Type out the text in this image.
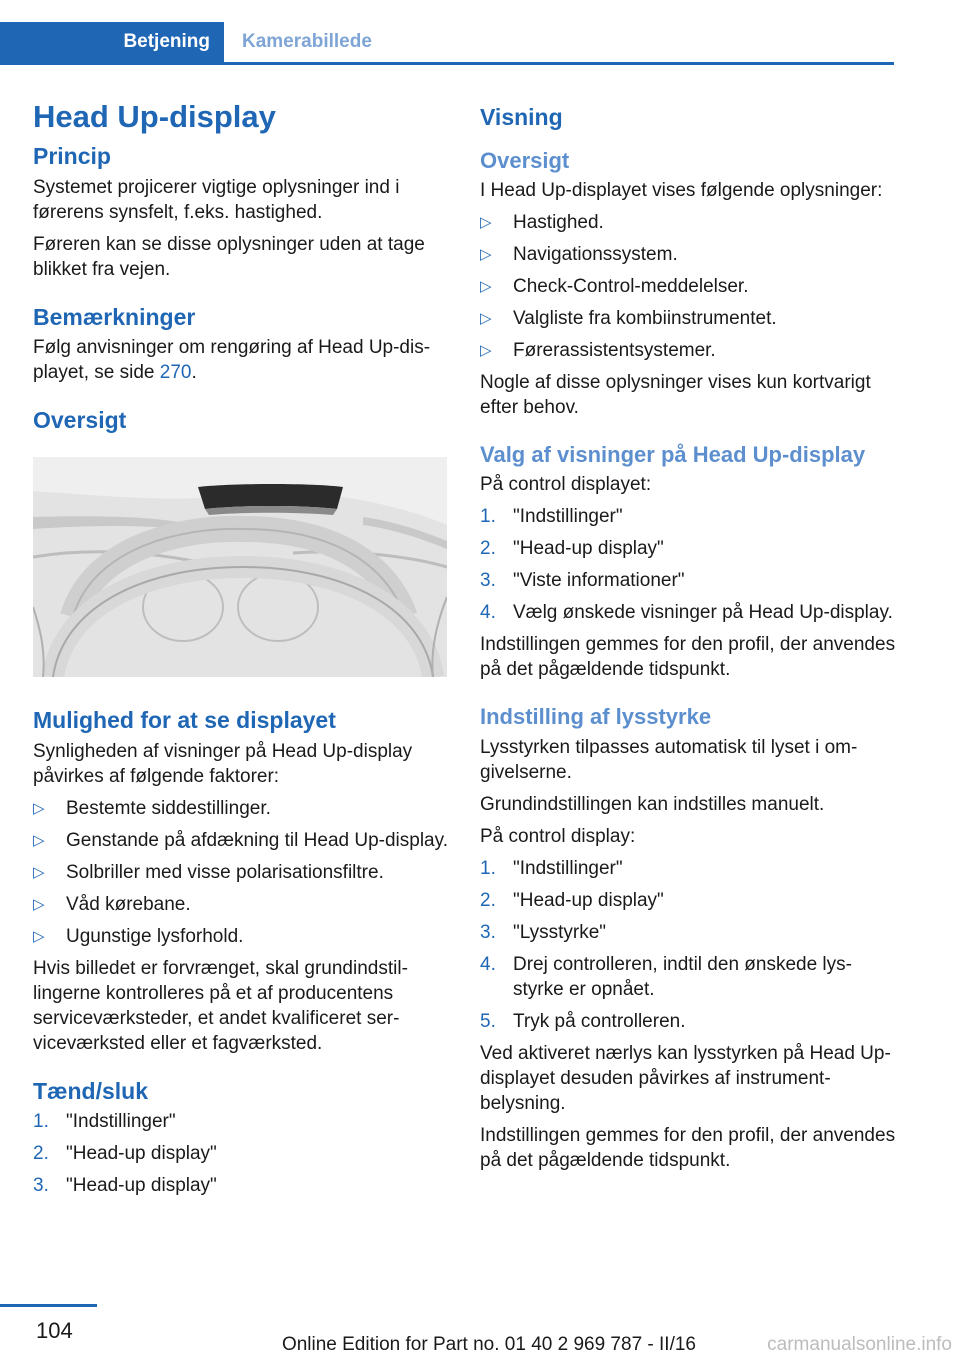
Betjening Kamerabillede
Head Up-display
Princip

Systemet projicerer vigtige oplysninger ind i førerens synsfelt, f.eks. hastighed.

Føreren kan se disse oplysninger uden at tage blikket fra vejen.

Bemærkninger

Følg anvisninger om rengøring af Head Up-displayet, se side 270.

Oversigt
Mulighed for at se displayet

Synligheden af visninger på Head Up-display påvirkes af følgende faktorer:

▷ Bestemte siddestillinger.
▷ Genstande på afdækning til Head Up-display.
▷ Solbriller med visse polarisationsfiltre.
▷ Våd kørebane.
▷ Ugunstige lysforhold.

Hvis billedet er forvrænget, skal grundindstillingerne kontrolleres på et af producentens serviceværksteder, et andet kvalificeret serviceværksted eller et fagværksted.

Tænd/sluk
1. "Indstillinger"
2. "Head-up display"
3. "Head-up display"
Visning
Oversigt

I Head Up-displayet vises følgende oplysninger:

▷ Hastighed.
▷ Navigationssystem.
▷ Check-Control-meddelelser.
▷ Valgliste fra kombiinstrumentet.
▷ Førerassistentsystemer.

Nogle af disse oplysninger vises kun kortvarigt efter behov.

Valg af visninger på Head Up-display

På control displayet:

1. "Indstillinger"
2. "Head-up display"
3. "Viste informationer"
4. Vælg ønskede visninger på Head Up-display.

Indstillingen gemmes for den profil, der anvendes på det pågældende tidspunkt.

Indstilling af lysstyrke

Lysstyrken tilpasses automatisk til lyset i omgivelserne.

Grundindstillingen kan indstilles manuelt.

På control display:

1. "Indstillinger"
2. "Head-up display"
3. "Lysstyrke"
4. Drej controlleren, indtil den ønskede lysstyrke er opnået.
5. Tryk på controlleren.

Ved aktiveret nærlys kan lysstyrken på Head Up-displayet desuden påvirkes af instrumentbelysning.

Indstillingen gemmes for den profil, der anvendes på det pågældende tidspunkt.

104
Online Edition for Part no. 01 40 2 969 787 - II/16	carmanualsonline.info
